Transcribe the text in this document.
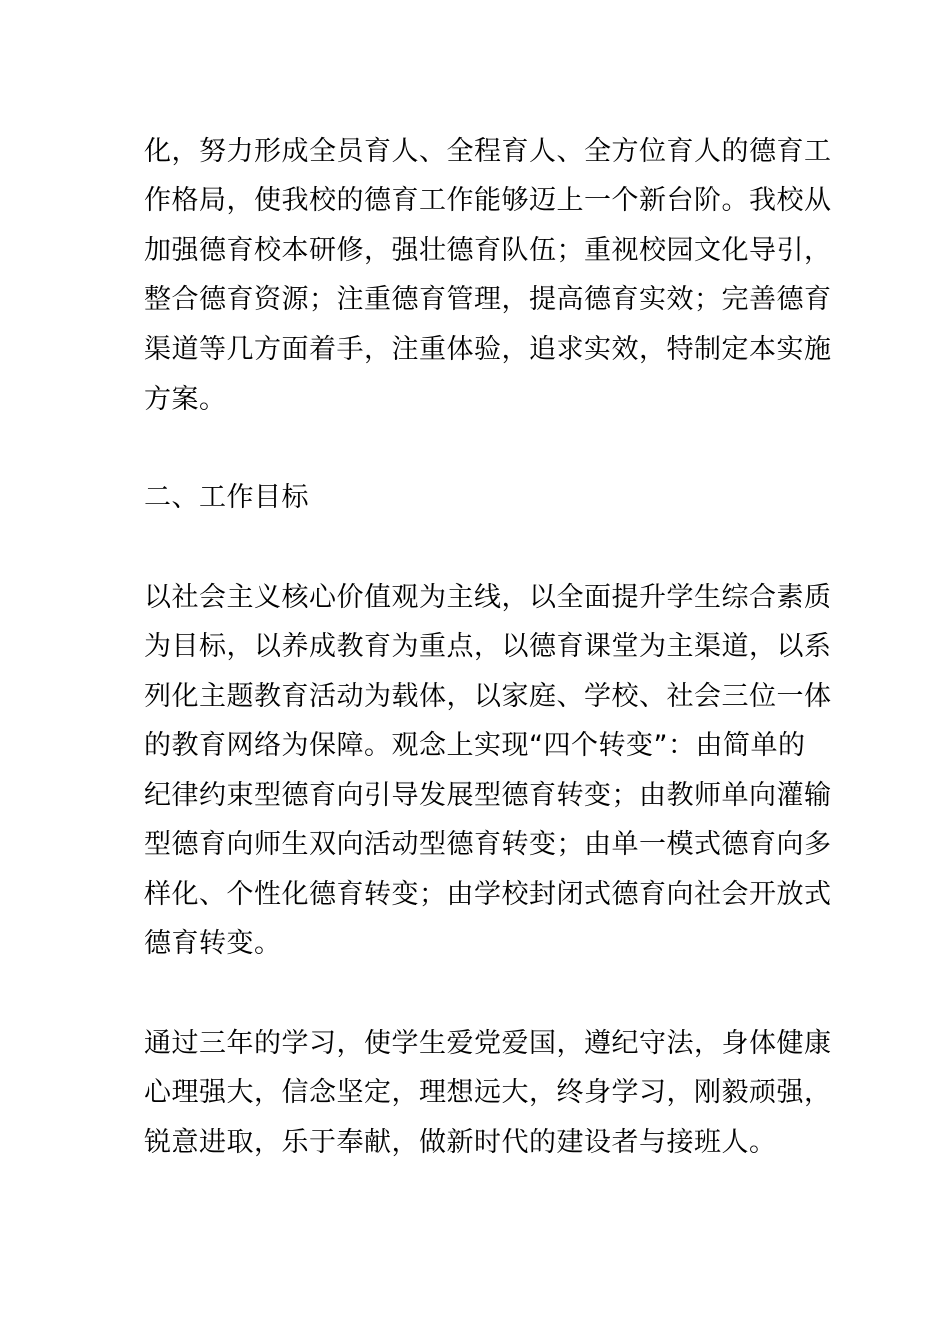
化，努力形成全员育人、全程育人、全方位育人的德育工
作格局，使我校的德育工作能够迈上一个新台阶。我校从
加强德育校本研修，强壮德育队伍；重视校园文化导引，
整合德育资源；注重德育管理，提高德育实效；完善德育
渠道等几方面着手，注重体验，追求实效，特制定本实施
方案。
二、工作目标
以社会主义核心价值观为主线，以全面提升学生综合素质
为目标，以养成教育为重点，以德育课堂为主渠道，以系
列化主题教育活动为载体，以家庭、学校、社会三位一体
的教育网络为保障。观念上实现“四个转变”：由简单的
纪律约束型德育向引导发展型德育转变；由教师单向灌输
型德育向师生双向活动型德育转变；由单一模式德育向多
样化、个性化德育转变；由学校封闭式德育向社会开放式
德育转变。
通过三年的学习，使学生爱党爱国，遵纪守法，身体健康
心理强大，信念坚定，理想远大，终身学习，刚毅顽强，
锐意进取，乐于奉献，做新时代的建设者与接班人。
